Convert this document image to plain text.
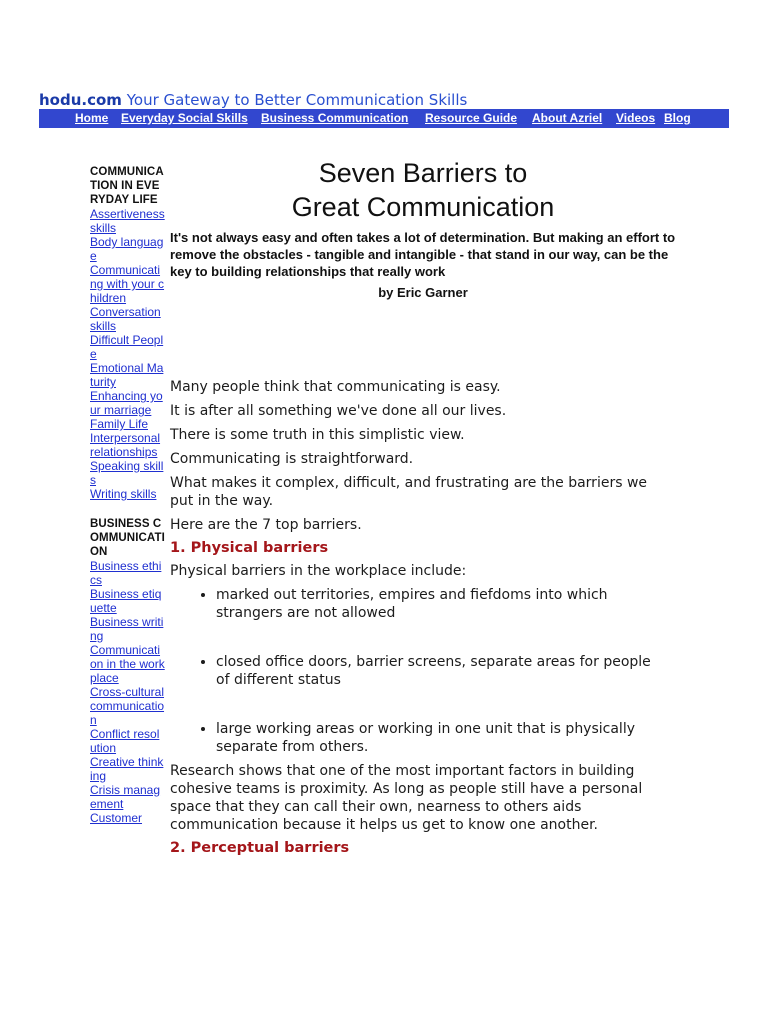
hodu.com Your Gateway to Better Communication Skills
Home Everyday Social Skills Business Communication Resource Guide About Azriel Videos Blog
COMMUNICATION IN EVERYDAY LIFE
Assertiveness skills
Body language
Communicating with your children
Conversation skills
Difficult People
Emotional Maturity
Enhancing your marriage
Family Life
Interpersonal relationships
Speaking skills
Writing skills
BUSINESS COMMUNICATION
Business ethics
Business etiquette
Business writing
Communication in the workplace
Cross-cultural communication
Conflict resolution
Creative thinking
Crisis management
Customer
Seven Barriers to
Great Communication

It's not always easy and often takes a lot of determination. But making an effort to remove the obstacles - tangible and intangible - that stand in our way, can be the key to building relationships that really work

by Eric Garner

Many people think that communicating is easy.

It is after all something we've done all our lives.

There is some truth in this simplistic view.

Communicating is straightforward.

What makes it complex, difficult, and frustrating are the barriers we put in the way.

Here are the 7 top barriers.

1. Physical barriers

Physical barriers in the workplace include:

• marked out territories, empires and fiefdoms into which strangers are not allowed
• closed office doors, barrier screens, separate areas for people of different status
• large working areas or working in one unit that is physically separate from others.

Research shows that one of the most important factors in building cohesive teams is proximity. As long as people still have a personal space that they can call their own, nearness to others aids communication because it helps us get to know one another.

2. Perceptual barriers
